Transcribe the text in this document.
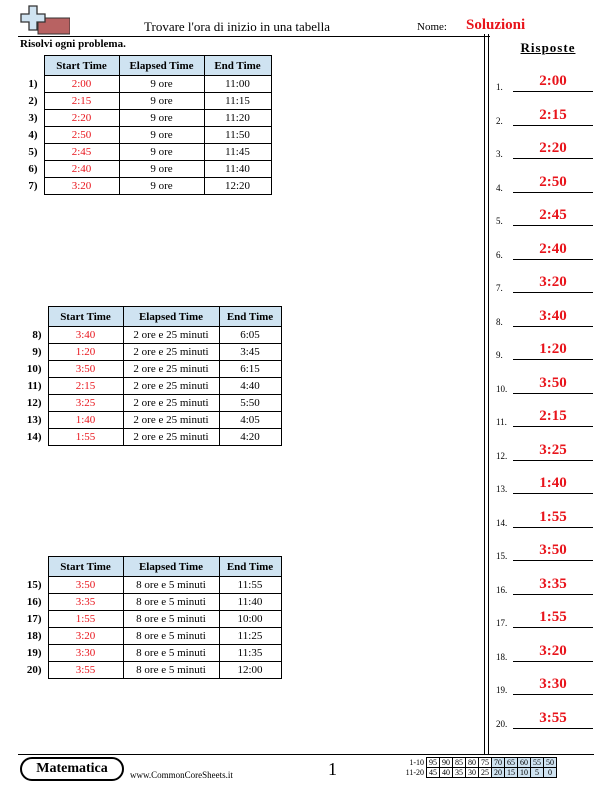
Trovare l'ora di inizio in una tabella	Nome: Soluzioni
Risolvi ogni problema.
	Start Time	Elapsed Time	End Time
1)	2:00	9 ore	11:00
2)	2:15	9 ore	11:15
3)	2:20	9 ore	11:20
4)	2:50	9 ore	11:50
5)	2:45	9 ore	11:45
6)	2:40	9 ore	11:40
7)	3:20	9 ore	12:20
	Start Time	Elapsed Time	End Time
8)	3:40	2 ore e 25 minuti	6:05
9)	1:20	2 ore e 25 minuti	3:45
10)	3:50	2 ore e 25 minuti	6:15
11)	2:15	2 ore e 25 minuti	4:40
12)	3:25	2 ore e 25 minuti	5:50
13)	1:40	2 ore e 25 minuti	4:05
14)	1:55	2 ore e 25 minuti	4:20
	Start Time	Elapsed Time	End Time
15)	3:50	8 ore e 5 minuti	11:55
16)	3:35	8 ore e 5 minuti	11:40
17)	1:55	8 ore e 5 minuti	10:00
18)	3:20	8 ore e 5 minuti	11:25
19)	3:30	8 ore e 5 minuti	11:35
20)	3:55	8 ore e 5 minuti	12:00
Risposte
1.	2:00
2.	2:15
3.	2:20
4.	2:50
5.	2:45
6.	2:40
7.	3:20
8.	3:40
9.	1:20
10.	3:50
11.	2:15
12.	3:25
13.	1:40
14.	1:55
15.	3:50
16.	3:35
17.	1:55
18.	3:20
19.	3:30
20.	3:55
Matematica	www.CommonCoreSheets.it	1	1-10	95	90	85	80	75	70	65	60	55	50
11-20	45	40	35	30	25	20	15	10	5	0
